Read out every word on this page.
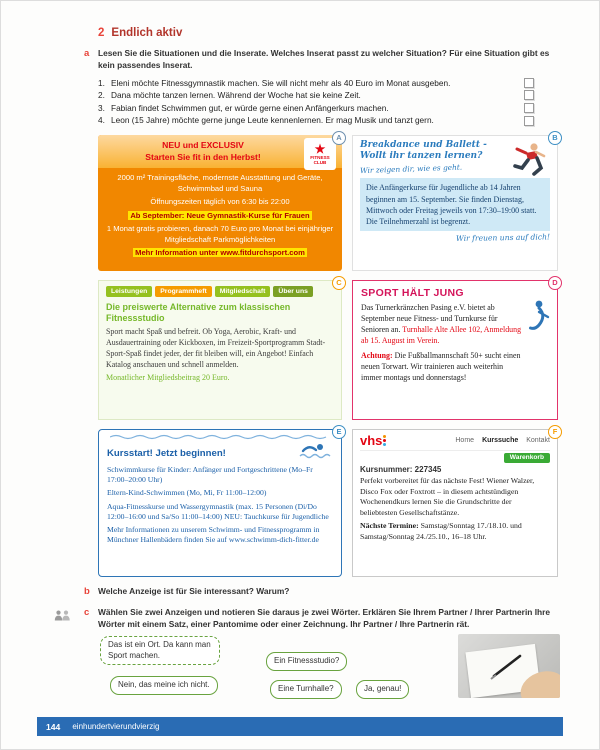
2 Endlich aktiv
a Lesen Sie die Situationen und die Inserate. Welches Inserat passt zu welcher Situation? Für eine Situation gibt es kein passendes Inserat.
1. Eleni möchte Fitnessgymnastik machen. Sie will nicht mehr als 40 Euro im Monat ausgeben.
2. Dana möchte tanzen lernen. Während der Woche hat sie keine Zeit.
3. Fabian findet Schwimmen gut, er würde gerne einen Anfängerkurs machen.
4. Leon (15 Jahre) möchte gerne junge Leute kennenlernen. Er mag Musik und tanzt gern.
NEU und EXCLUSIV
Starten Sie fit in den Herbst!
★
FITNESS
CLUB

2000 m² Trainingsfläche, modernste Ausstattung und Geräte, Schwimmbad und Sauna

Öffnungszeiten täglich von 6:30 bis 22:00

Ab September: Neue Gymnastik-Kurse für Frauen

1 Monat gratis probieren, danach 70 Euro pro Monat bei einjähriger Mitgliedschaft Parkmöglichkeiten

Mehr Information unter www.fitdurchsport.com

A
Breakdance und Ballett - Wollt ihr tanzen lernen?
Wir zeigen dir, wie es geht.
Die Anfängerkurse für Jugendliche ab 14 Jahren beginnen am 15. September. Sie finden Dienstag, Mittwoch oder Freitag jeweils von 17:30–19:00 statt. Die Teilnehmerzahl ist begrenzt.
Wir freuen uns auf dich!
B
Leistungen	Programmheft	Mitgliedschaft	Über uns
Die preiswerte Alternative zum klassischen Fitnessstudio
Sport macht Spaß und befreit. Ob Yoga, Aerobic, Kraft- und Ausdauertraining oder Kickboxen, im Freizeit-Sportprogramm Stadt-Sport-Spaß findet jeder, der fit bleiben will, ein Angebot! Einfach Katalog anschauen und schnell anmelden.
Monatlicher Mitgliedsbeitrag 20 Euro.
C
SPORT HÄLT JUNG

Das Turnerkränzchen Pasing e.V. bietet ab September neue Fitness- und Turnkurse für Senioren an. Turnhalle Alte Allee 102, Anmeldung ab 15. August im Verein.

Achtung: Die Fußballmannschaft 50+ sucht einen neuen Torwart. Wir trainieren auch weiterhin immer montags und donnerstags!

D
Kursstart! Jetzt beginnen!

Schwimmkurse für Kinder: Anfänger und Fortgeschrittene (Mo–Fr 17:00–20:00 Uhr)

Eltern-Kind-Schwimmen (Mo, Mi, Fr 11:00–12:00)

Aqua-Fitnesskurse und Wassergymnastik (max. 15 Personen (Di/Do 12:00–16:00 und Sa/So 11:00–14:00) NEU: Tauchkurse für Jugendliche

Mehr Informationen zu unserem Schwimm- und Fitnessprogramm in Münchner Hallenbädern finden Sie auf www.schwimm-dich-fitter.de

E
vhs	Home Kurssuche Kontakt
Warenkorb
Kursnummer: 227345
Perfekt vorbereitet für das nächste Fest! Wiener Walzer, Disco Fox oder Foxtrott – in diesem achtstündigen Wochenendkurs lernen Sie die Grundschritte der beliebtesten Gesellschaftstänze.
Nächste Termine: Samstag/Sonntag 17./18.10. und Samstag/Sonntag 24./25.10., 16–18 Uhr.
F
b Welche Anzeige ist für Sie interessant? Warum?
c Wählen Sie zwei Anzeigen und notieren Sie daraus je zwei Wörter. Erklären Sie Ihrem Partner / Ihrer Partnerin Ihre Wörter mit einem Satz, einer Pantomime oder einer Zeichnung. Ihr Partner / Ihre Partnerin rät.
Das ist ein Ort. Da kann man Sport machen.
Ein Fitnessstudio?
Nein, das meine ich nicht.	Eine Turnhalle?	Ja, genau!
144 einhundertvierundvierzig
